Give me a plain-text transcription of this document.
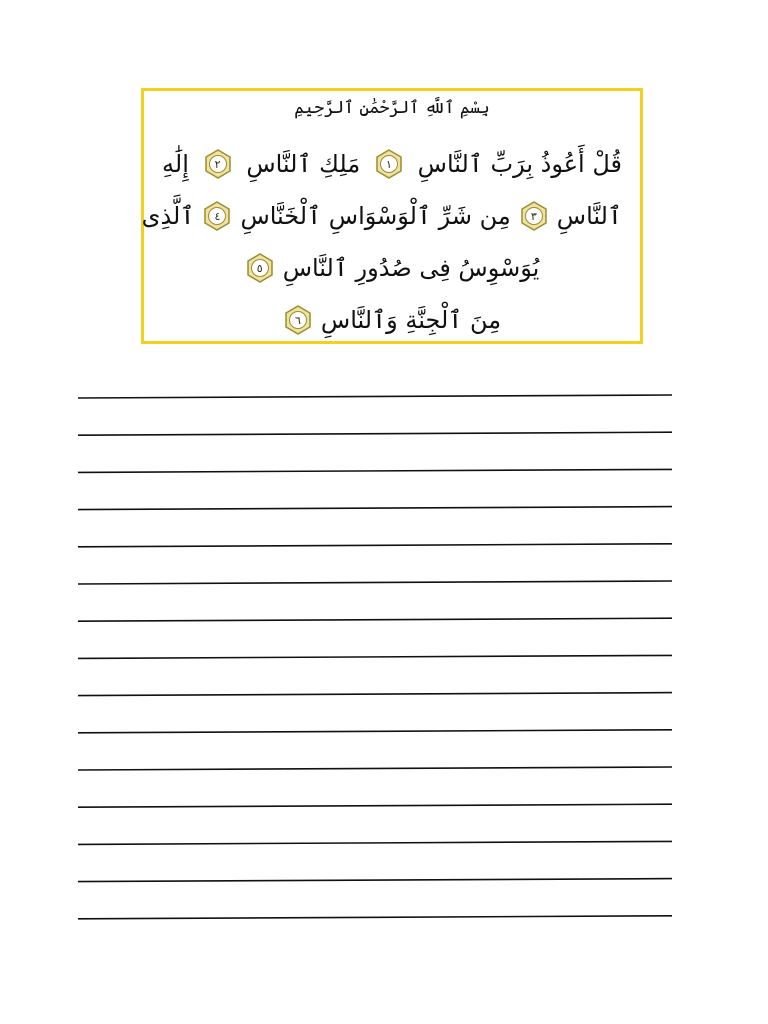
بِسْمِ ٱللَّهِ ٱلرَّحْمَٰنِ ٱلرَّحِيمِ
قُلْ أَعُوذُ بِرَبِّ ٱلنَّاسِ
١
مَلِكِ ٱلنَّاسِ
٢
إِلَٰهِ
ٱلنَّاسِ
٣
مِن شَرِّ ٱلْوَسْوَاسِ ٱلْخَنَّاسِ
٤
ٱلَّذِى
يُوَسْوِسُ فِى صُدُورِ ٱلنَّاسِ
٥
مِنَ ٱلْجِنَّةِ وَٱلنَّاسِ
٦
